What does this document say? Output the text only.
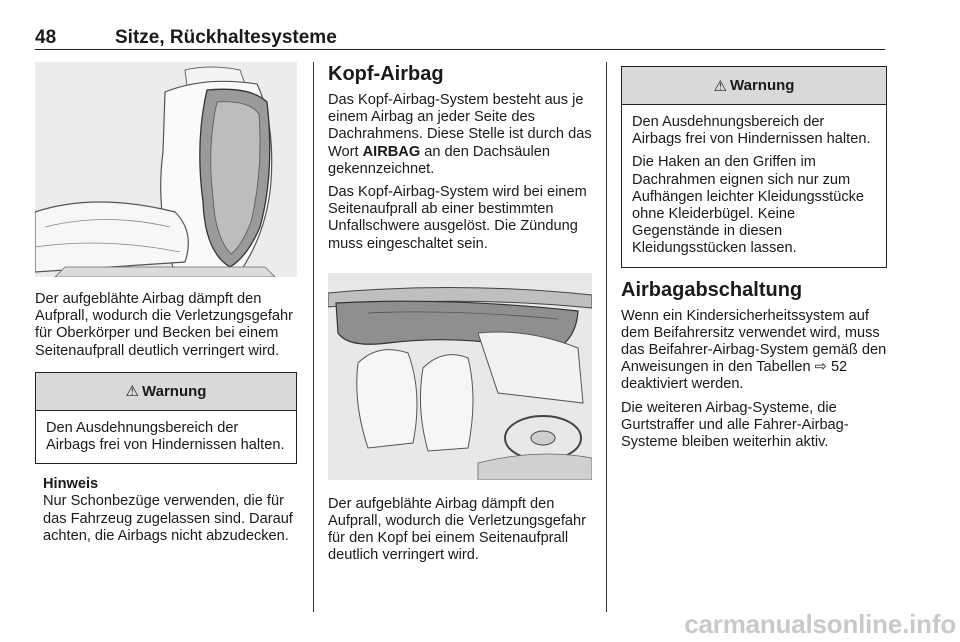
48	Sitze, Rückhaltesysteme

Der aufgeblähte Airbag dämpft den Aufprall, wodurch die Verletzungsgefahr für Oberkörper und Becken bei einem Seitenaufprall deutlich verringert wird.

⚠ Warnung

Den Ausdehnungsbereich der Airbags frei von Hindernissen halten.

Hinweis

Nur Schonbezüge verwenden, die für das Fahrzeug zugelassen sind. Darauf achten, die Airbags nicht abzudecken.

Kopf-Airbag

Das Kopf-Airbag-System besteht aus je einem Airbag an jeder Seite des Dachrahmens. Diese Stelle ist durch das Wort AIRBAG an den Dachsäulen gekennzeichnet.

Das Kopf-Airbag-System wird bei einem Seitenaufprall ab einer bestimmten Unfallschwere ausgelöst. Die Zündung muss eingeschaltet sein.

Der aufgeblähte Airbag dämpft den Aufprall, wodurch die Verletzungsgefahr für den Kopf bei einem Seitenaufprall deutlich verringert wird.

⚠ Warnung

Den Ausdehnungsbereich der Airbags frei von Hindernissen halten.

Die Haken an den Griffen im Dachrahmen eignen sich nur zum Aufhängen leichter Kleidungsstücke ohne Kleiderbügel. Keine Gegenstände in diesen Kleidungsstücken lassen.

Airbagabschaltung

Wenn ein Kindersicherheitssystem auf dem Beifahrersitz verwendet wird, muss das Beifahrer-Airbag-System gemäß den Anweisungen in den Tabellen ⇨ 52 deaktiviert werden.

Die weiteren Airbag-Systeme, die Gurtstraffer und alle Fahrer-Airbag-Systeme bleiben weiterhin aktiv.

carmanualsonline.info
